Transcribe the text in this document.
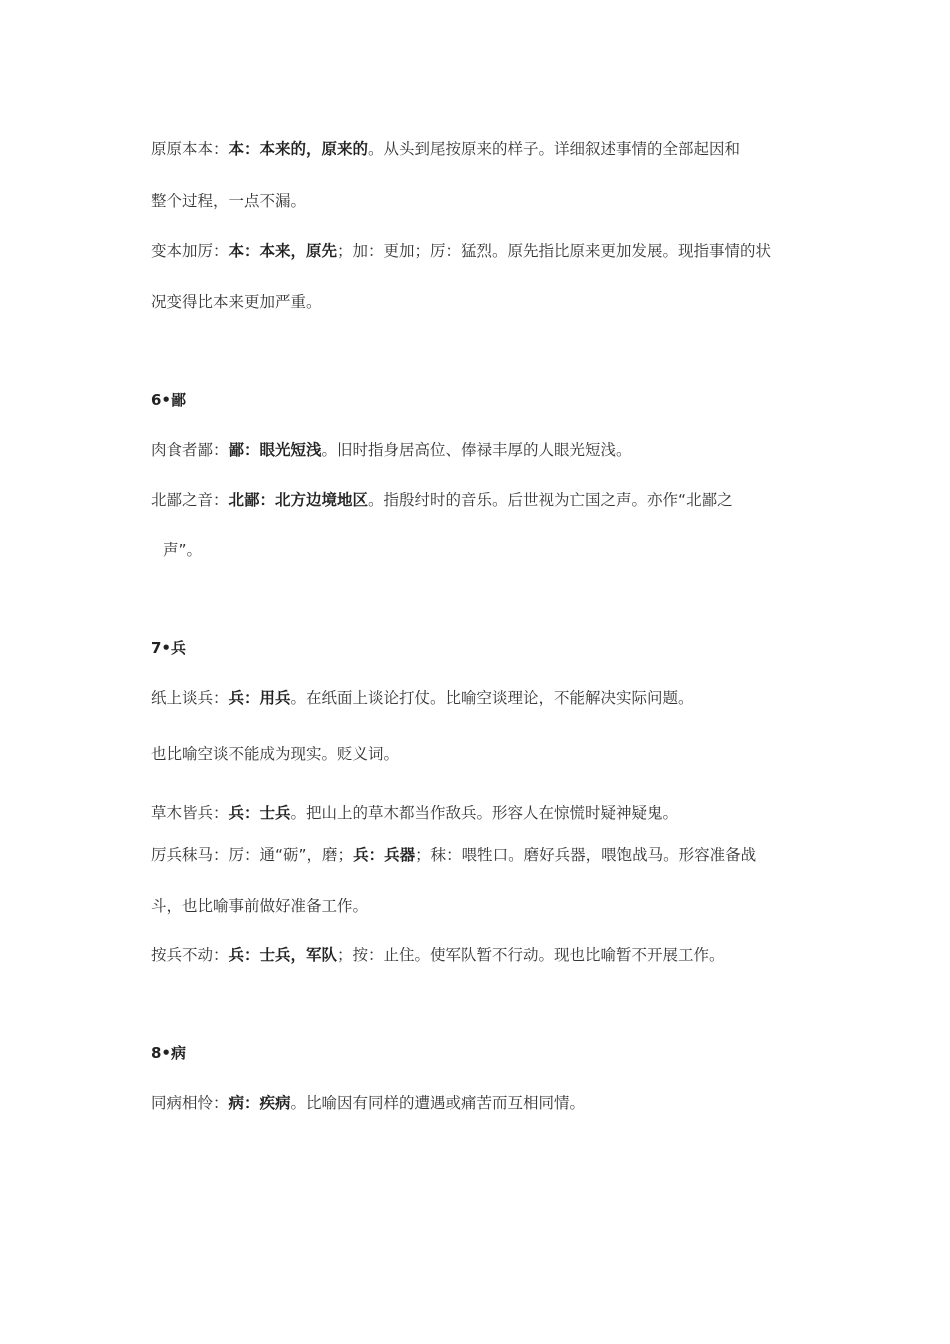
原原本本：本：本来的，原来的。从头到尾按原来的样子。详细叙述事情的全部起因和
整个过程，一点不漏。
变本加厉：本：本来，原先；加：更加；厉：猛烈。原先指比原来更加发展。现指事情的状
况变得比本来更加严重。
6•鄙
肉食者鄙：鄙：眼光短浅。旧时指身居高位、俸禄丰厚的人眼光短浅。
北鄙之音：北鄙：北方边境地区。指殷纣时的音乐。后世视为亡国之声。亦作“北鄙之
声”。
7•兵
纸上谈兵：兵：用兵。在纸面上谈论打仗。比喻空谈理论，不能解决实际问题。
也比喻空谈不能成为现实。贬义词。
草木皆兵：兵：士兵。把山上的草木都当作敌兵。形容人在惊慌时疑神疑鬼。
厉兵秣马：厉：通“砺”，磨；兵：兵器；秣：喂牲口。磨好兵器，喂饱战马。形容准备战
斗，也比喻事前做好准备工作。
按兵不动：兵：士兵，军队；按：止住。使军队暂不行动。现也比喻暂不开展工作。
8•病
同病相怜：病：疾病。比喻因有同样的遭遇或痛苦而互相同情。
